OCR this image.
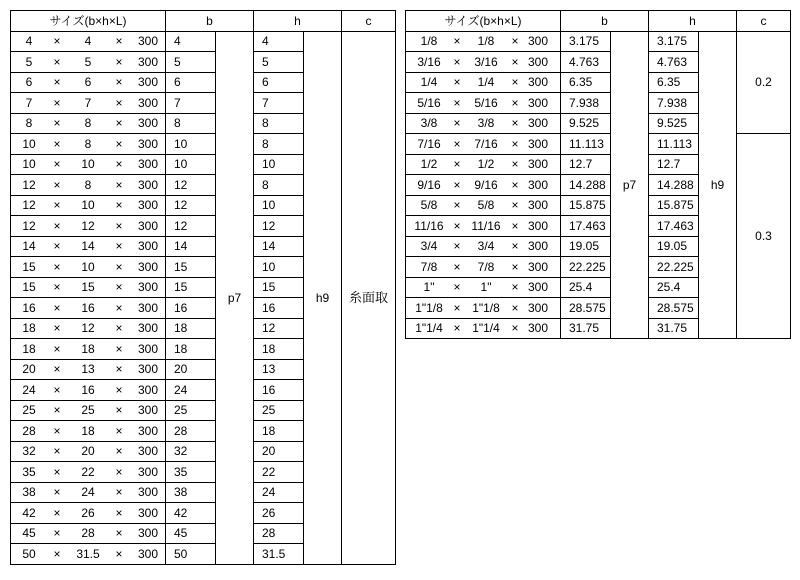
サイズ(b×h×L)	b		h		c

4 × 4 × 300	4	p7	4	h9	糸面取

5 × 5 × 300	5		5		

6 × 6 × 300	6		6		

7 × 7 × 300	7		7		

8 × 8 × 300	8		8		

10 × 8 × 300	10		8		

10 × 10 × 300	10		10		

12 × 8 × 300	12		8		

12 × 10 × 300	12		10		

12 × 12 × 300	12		12		

14 × 14 × 300	14		14		

15 × 10 × 300	15		10		

15 × 15 × 300	15		15		

16 × 16 × 300	16		16		

18 × 12 × 300	18		12		

18 × 18 × 300	18		18		

20 × 13 × 300	20		13		

24 × 16 × 300	24		16		

25 × 25 × 300	25		25		

28 × 18 × 300	28		18		

32 × 20 × 300	32		20		

35 × 22 × 300	35		22		

38 × 24 × 300	38		24		

42 × 26 × 300	42		26		

45 × 28 × 300	45		28		

50 × 31.5 × 300	50		31.5		
サイズ(b×h×L)	b		h		c

1/8 × 1/8 × 300	3.175	p7	3.175	h9	0.2

3/16 × 3/16 × 300	4.763		4.763		

1/4 × 1/4 × 300	6.35		6.35		

5/16 × 5/16 × 300	7.938		7.938		

3/8 × 3/8 × 300	9.525		9.525		

7/16 × 7/16 × 300	11.113		11.113		0.3

1/2 × 1/2 × 300	12.7		12.7		

9/16 × 9/16 × 300	14.288		14.288		

5/8 × 5/8 × 300	15.875		15.875		

11/16 × 11/16 × 300	17.463		17.463		

3/4 × 3/4 × 300	19.05		19.05		

7/8 × 7/8 × 300	22.225		22.225		

1" × 1" × 300	25.4		25.4		

1"1/8 × 1"1/8 × 300	28.575		28.575		

1"1/4 × 1"1/4 × 300	31.75		31.75		
